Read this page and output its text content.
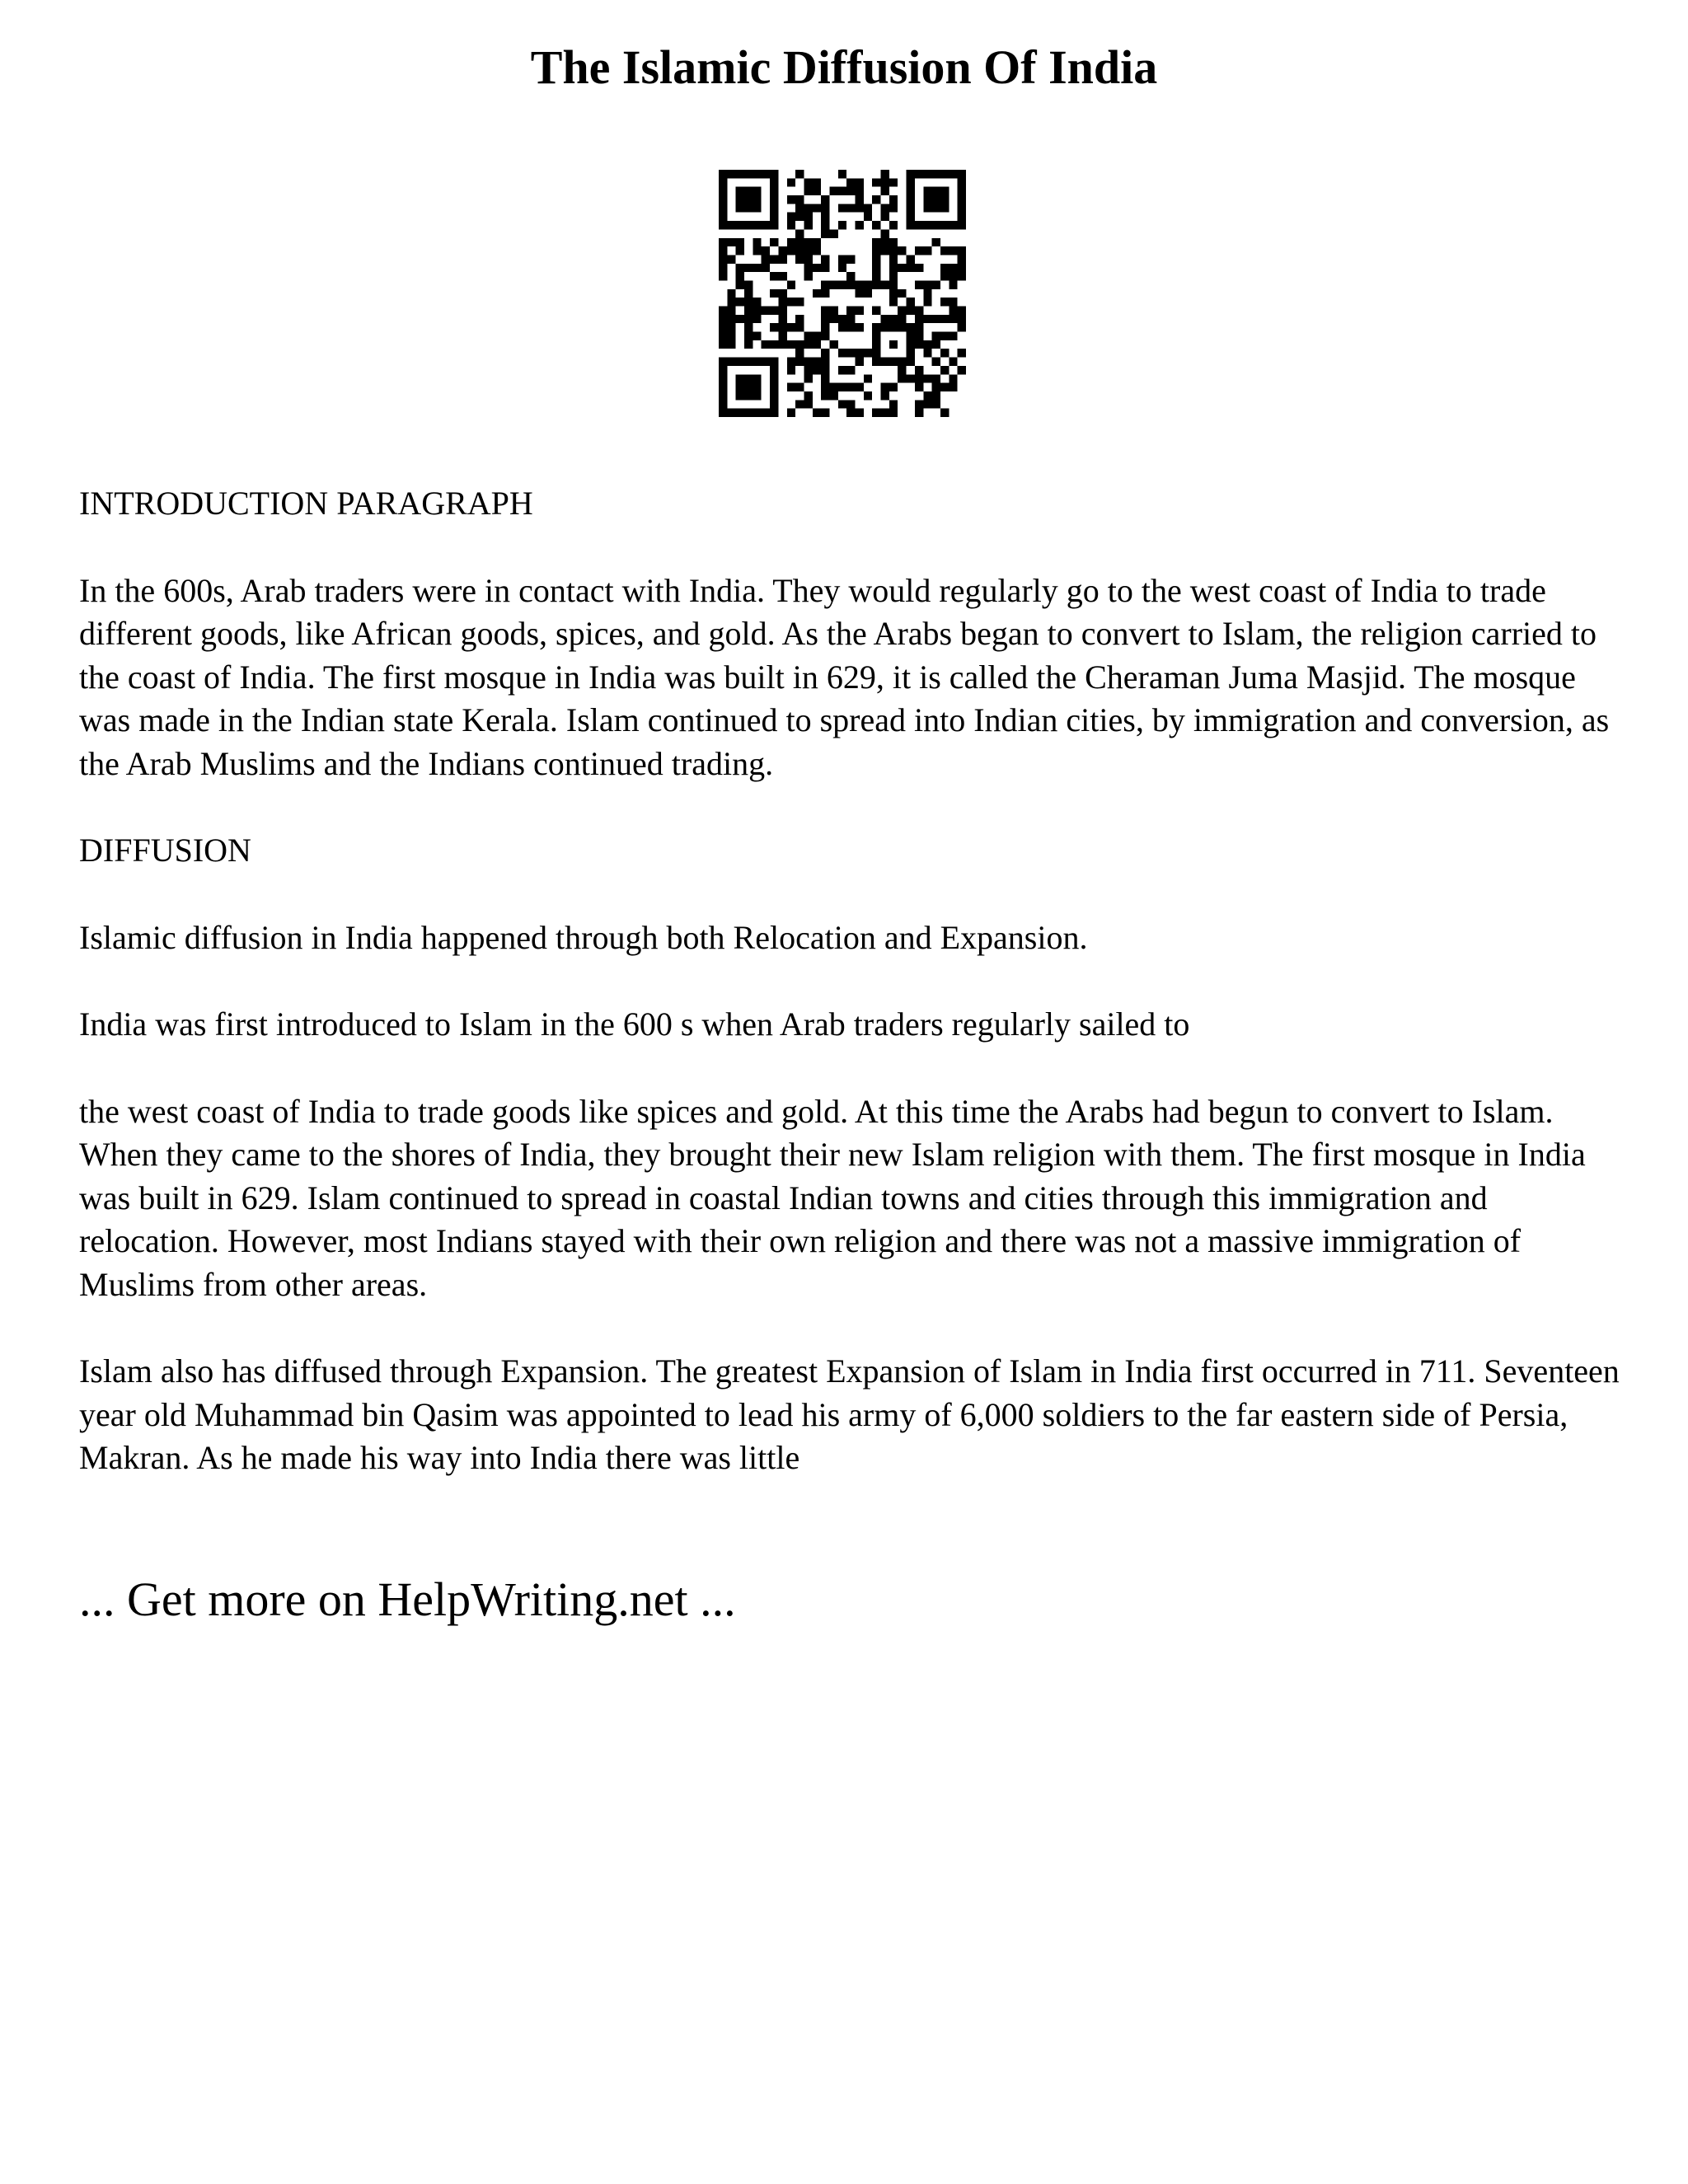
The Islamic Diffusion Of India

INTRODUCTION PARAGRAPH

In the 600s, Arab traders were in contact with India. They would regularly go to the west coast of India to trade different goods, like African goods, spices, and gold. As the Arabs began to convert to Islam, the religion carried to the coast of India. The first mosque in India was built in 629, it is called the Cheraman Juma Masjid. The mosque was made in the Indian state Kerala. Islam continued to spread into Indian cities, by immigration and conversion, as the Arab Muslims and the Indians continued trading.

DIFFUSION

Islamic diffusion in India happened through both Relocation and Expansion.

India was first introduced to Islam in the 600 s when Arab traders regularly sailed to

the west coast of India to trade goods like spices and gold. At this time the Arabs had begun to convert to Islam. When they came to the shores of India, they brought their new Islam religion with them. The first mosque in India was built in 629. Islam continued to spread in coastal Indian towns and cities through this immigration and relocation. However, most Indians stayed with their own religion and there was not a massive immigration of Muslims from other areas.

Islam also has diffused through Expansion. The greatest Expansion of Islam in India first occurred in 711. Seventeen year old Muhammad bin Qasim was appointed to lead his army of 6,000 soldiers to the far eastern side of Persia, Makran. As he made his way into India there was little

... Get more on HelpWriting.net ...
